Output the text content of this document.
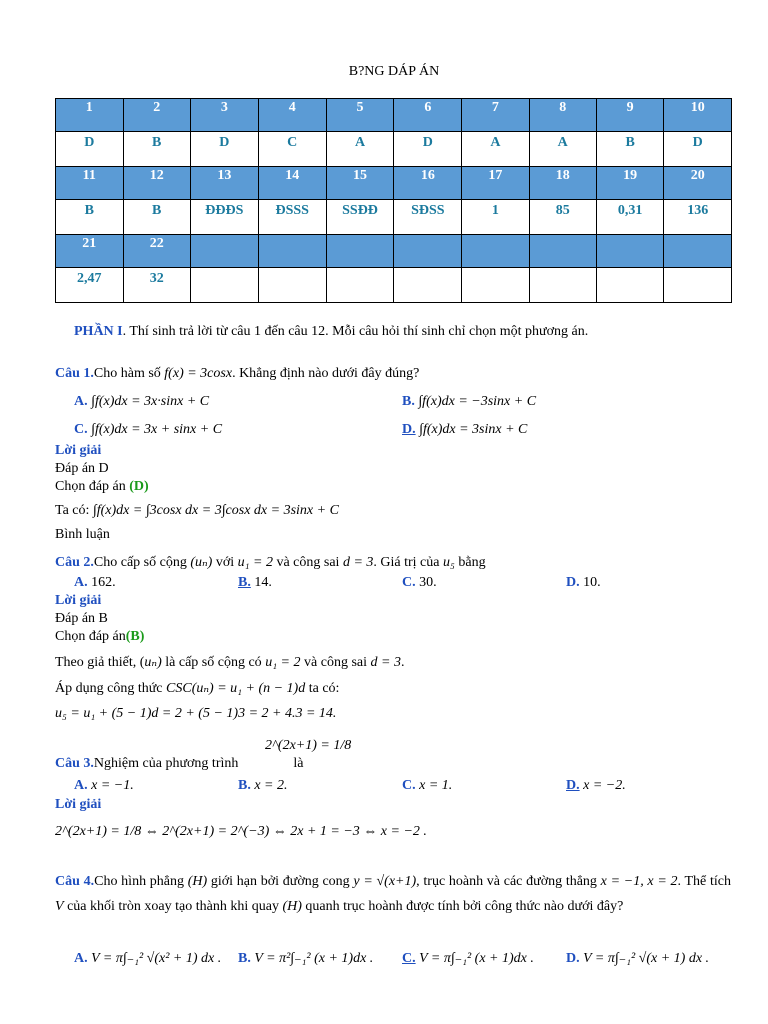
B?NG DÁP ÁN
1	2	3	4	5	6	7	8	9	10
D	B	D	C	A	D	A	A	B	D
11	12	13	14	15	16	17	18	19	20
B	B	ĐĐĐS	ĐSSS	SSĐĐ	SĐSS	1	85	0,31	136
21	22								
2,47	32								
PHẦN I. Thí sinh trả lời từ câu 1 đến câu 12. Mỗi câu hỏi thí sinh chỉ chọn một phương án.
Câu 1.Cho hàm số f(x) = 3cosx. Khẳng định nào dưới đây đúng?
A. ∫f(x)dx = 3x·sinx + C	B. ∫f(x)dx = −3sinx + C
C. ∫f(x)dx = 3x + sinx + C	D. ∫f(x)dx = 3sinx + C
Lời giải
Đáp án D
Chọn đáp án (D)
Ta có: ∫f(x)dx = ∫3cosx dx = 3∫cosx dx = 3sinx + C
Bình luận
Câu 2.Cho cấp số cộng (uₙ) với u₁ = 2 và công sai d = 3. Giá trị của u₅ bằng
A. 162.	B. 14.	C. 30.	D. 10.
Lời giải
Đáp án B
Chọn đáp án(B)
Theo giả thiết, (uₙ) là cấp số cộng có u₁ = 2 và công sai d = 3.
Áp dụng công thức CSC(uₙ) = u₁ + (n − 1)d ta có:
u₅ = u₁ + (5 − 1)d = 2 + (5 − 1)3 = 2 + 4.3 = 14.
2^(2x+1) = 1/8
Câu 3.Nghiệm của phương trình	là
A. x = −1.	B. x = 2.	C. x = 1.	D. x = −2.
Lời giải
2^(2x+1) = 1/8 ⇔ 2^(2x+1) = 2^(−3) ⇔ 2x + 1 = −3 ⇔ x = −2 .
Câu 4.Cho hình phẳng (H) giới hạn bởi đường cong y = √(x+1), trục hoành và các đường thẳng x = −1, x = 2. Thể tích V của khối tròn xoay tạo thành khi quay (H) quanh trục hoành được tính bởi công thức nào dưới đây?
A. V = π∫₋₁² √(x² + 1) dx . B. V = π²∫₋₁² (x + 1)dx . C. V = π∫₋₁² (x + 1)dx . D. V = π∫₋₁² √(x + 1) dx .
